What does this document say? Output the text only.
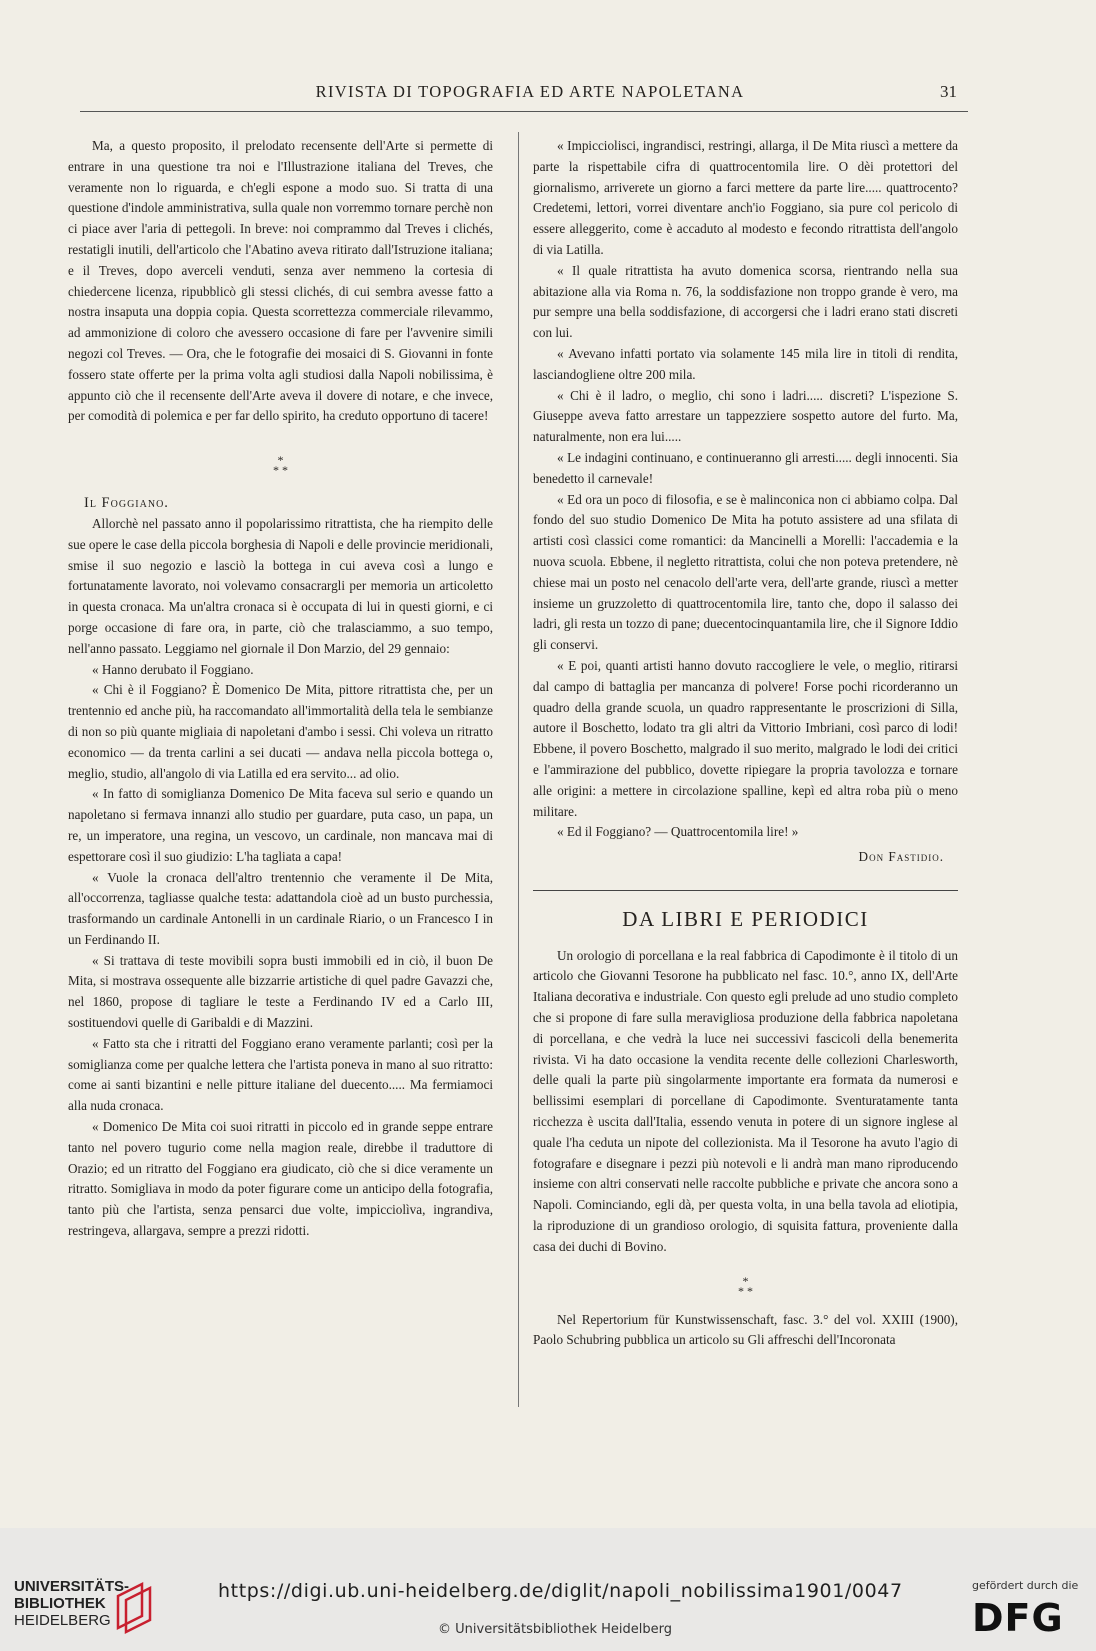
RIVISTA DI TOPOGRAFIA ED ARTE NAPOLETANA	31

Ma, a questo proposito, il prelodato recensente dell'Arte si permette di entrare in una questione tra noi e l'Illustrazione italiana del Treves, che veramente non lo riguarda, e ch'egli espone a modo suo. Si tratta di una questione d'indole amministrativa, sulla quale non vorremmo tornare perchè non ci piace aver l'aria di pettegoli. In breve: noi comprammo dal Treves i clichés, restatigli inutili, dell'articolo che l'Abatino aveva ritirato dall'Istruzione italiana; e il Treves, dopo averceli venduti, senza aver nemmeno la cortesia di chiedercene licenza, ripubblicò gli stessi clichés, di cui sembra avesse fatto a nostra insaputa una doppia copia. Questa scorrettezza commerciale rilevammo, ad ammonizione di coloro che avessero occasione di fare per l'avvenire simili negozi col Treves. — Ora, che le fotografie dei mosaici di S. Giovanni in fonte fossero state offerte per la prima volta agli studiosi dalla Napoli nobilissima, è appunto ciò che il recensente dell'Arte aveva il dovere di notare, e che invece, per comodità di polemica e per far dello spirito, ha creduto opportuno di tacere!

*
* *
Il Foggiano.

Allorchè nel passato anno il popolarissimo ritrattista, che ha riempito delle sue opere le case della piccola borghesia di Napoli e delle provincie meridionali, smise il suo negozio e lasciò la bottega in cui aveva così a lungo e fortunatamente lavorato, noi volevamo consacrargli per memoria un articoletto in questa cronaca. Ma un'altra cronaca si è occupata di lui in questi giorni, e ci porge occasione di fare ora, in parte, ciò che tralasciammo, a suo tempo, nell'anno passato. Leggiamo nel giornale il Don Marzio, del 29 gennaio:

« Hanno derubato il Foggiano.

« Chi è il Foggiano? È Domenico De Mita, pittore ritrattista che, per un trentennio ed anche più, ha raccomandato all'immortalità della tela le sembianze di non so più quante migliaia di napoletani d'ambo i sessi. Chi voleva un ritratto economico — da trenta carlini a sei ducati — andava nella piccola bottega o, meglio, studio, all'angolo di via Latilla ed era servito... ad olio.

« In fatto di somiglianza Domenico De Mita faceva sul serio e quando un napoletano si fermava innanzi allo studio per guardare, puta caso, un papa, un re, un imperatore, una regina, un vescovo, un cardinale, non mancava mai di espettorare così il suo giudizio: L'ha tagliata a capa!

« Vuole la cronaca dell'altro trentennio che veramente il De Mita, all'occorrenza, tagliasse qualche testa: adattandola cioè ad un busto purchessia, trasformando un cardinale Antonelli in un cardinale Riario, o un Francesco I in un Ferdinando II.

« Si trattava di teste movibili sopra busti immobili ed in ciò, il buon De Mita, si mostrava ossequente alle bizzarrie artistiche di quel padre Gavazzi che, nel 1860, propose di tagliare le teste a Ferdinando IV ed a Carlo III, sostituendovi quelle di Garibaldi e di Mazzini.

« Fatto sta che i ritratti del Foggiano erano veramente parlanti; così per la somiglianza come per qualche lettera che l'artista poneva in mano al suo ritratto: come ai santi bizantini e nelle pitture italiane del duecento..... Ma fermiamoci alla nuda cronaca.

« Domenico De Mita coi suoi ritratti in piccolo ed in grande seppe entrare tanto nel povero tugurio come nella magion reale, direbbe il traduttore di Orazio; ed un ritratto del Foggiano era giudicato, ciò che si dice veramente un ritratto. Somigliava in modo da poter figurare come un anticipo della fotografia, tanto più che l'artista, senza pensarci due volte, impicciolìva, ingrandiva, restringeva, allargava, sempre a prezzi ridotti.

« Impicciolisci, ingrandisci, restringi, allarga, il De Mita riuscì a mettere da parte la rispettabile cifra di quattrocentomila lire. O dèi protettori del giornalismo, arriverete un giorno a farci mettere da parte lire..... quattrocento? Credetemi, lettori, vorrei diventare anch'io Foggiano, sia pure col pericolo di essere alleggerito, come è accaduto al modesto e fecondo ritrattista dell'angolo di via Latilla.

« Il quale ritrattista ha avuto domenica scorsa, rientrando nella sua abitazione alla via Roma n. 76, la soddisfazione non troppo grande è vero, ma pur sempre una bella soddisfazione, di accorgersi che i ladri erano stati discreti con lui.

« Avevano infatti portato via solamente 145 mila lire in titoli di rendita, lasciandogliene oltre 200 mila.

« Chi è il ladro, o meglio, chi sono i ladri..... discreti? L'ispezione S. Giuseppe aveva fatto arrestare un tappezziere sospetto autore del furto. Ma, naturalmente, non era lui.....

« Le indagini continuano, e continueranno gli arresti..... degli innocenti. Sia benedetto il carnevale!

« Ed ora un poco di filosofia, e se è malinconica non ci abbiamo colpa. Dal fondo del suo studio Domenico De Mita ha potuto assistere ad una sfilata di artisti così classici come romantici: da Mancinelli a Morelli: l'accademia e la nuova scuola. Ebbene, il negletto ritrattista, colui che non poteva pretendere, nè chiese mai un posto nel cenacolo dell'arte vera, dell'arte grande, riuscì a metter insieme un gruzzoletto di quattrocentomila lire, tanto che, dopo il salasso dei ladri, gli resta un tozzo di pane; duecentocinquantamila lire, che il Signore Iddio gli conservi.

« E poi, quanti artisti hanno dovuto raccogliere le vele, o meglio, ritirarsi dal campo di battaglia per mancanza di polvere! Forse pochi ricorderanno un quadro della grande scuola, un quadro rappresentante le proscrizioni di Silla, autore il Boschetto, lodato tra gli altri da Vittorio Imbriani, così parco di lodi! Ebbene, il povero Boschetto, malgrado il suo merito, malgrado le lodi dei critici e l'ammirazione del pubblico, dovette ripiegare la propria tavolozza e tornare alle origini: a mettere in circolazione spalline, kepì ed altra roba più o meno militare.

« Ed il Foggiano? — Quattrocentomila lire! »

Don Fastidio.
DA LIBRI E PERIODICI

Un orologio di porcellana e la real fabbrica di Capodimonte è il titolo di un articolo che Giovanni Tesorone ha pubblicato nel fasc. 10.°, anno IX, dell'Arte Italiana decorativa e industriale. Con questo egli prelude ad uno studio completo che si propone di fare sulla meravigliosa produzione della fabbrica napoletana di porcellana, e che vedrà la luce nei successivi fascicoli della benemerita rivista. Vi ha dato occasione la vendita recente delle collezioni Charlesworth, delle quali la parte più singolarmente importante era formata da numerosi e bellissimi esemplari di porcellane di Capodimonte. Sventuratamente tanta ricchezza è uscita dall'Italia, essendo venuta in potere di un signore inglese al quale l'ha ceduta un nipote del collezionista. Ma il Tesorone ha avuto l'agio di fotografare e disegnare i pezzi più notevoli e li andrà man mano riproducendo insieme con altri conservati nelle raccolte pubbliche e private che ancora sono a Napoli. Cominciando, egli dà, per questa volta, in una bella tavola ad eliotipia, la riproduzione di un grandioso orologio, di squisita fattura, proveniente dalla casa dei duchi di Bovino.

*
* *

Nel Repertorium für Kunstwissenschaft, fasc. 3.° del vol. XXIII (1900), Paolo Schubring pubblica un articolo su Gli affreschi dell'Incoronata

UNIVERSITÄTS-
BIBLIOTHEK
HEIDELBERG
https://digi.ub.uni-heidelberg.de/diglit/napoli_nobilissima1901/0047
© Universitätsbibliothek Heidelberg
gefördert durch die
DFG
